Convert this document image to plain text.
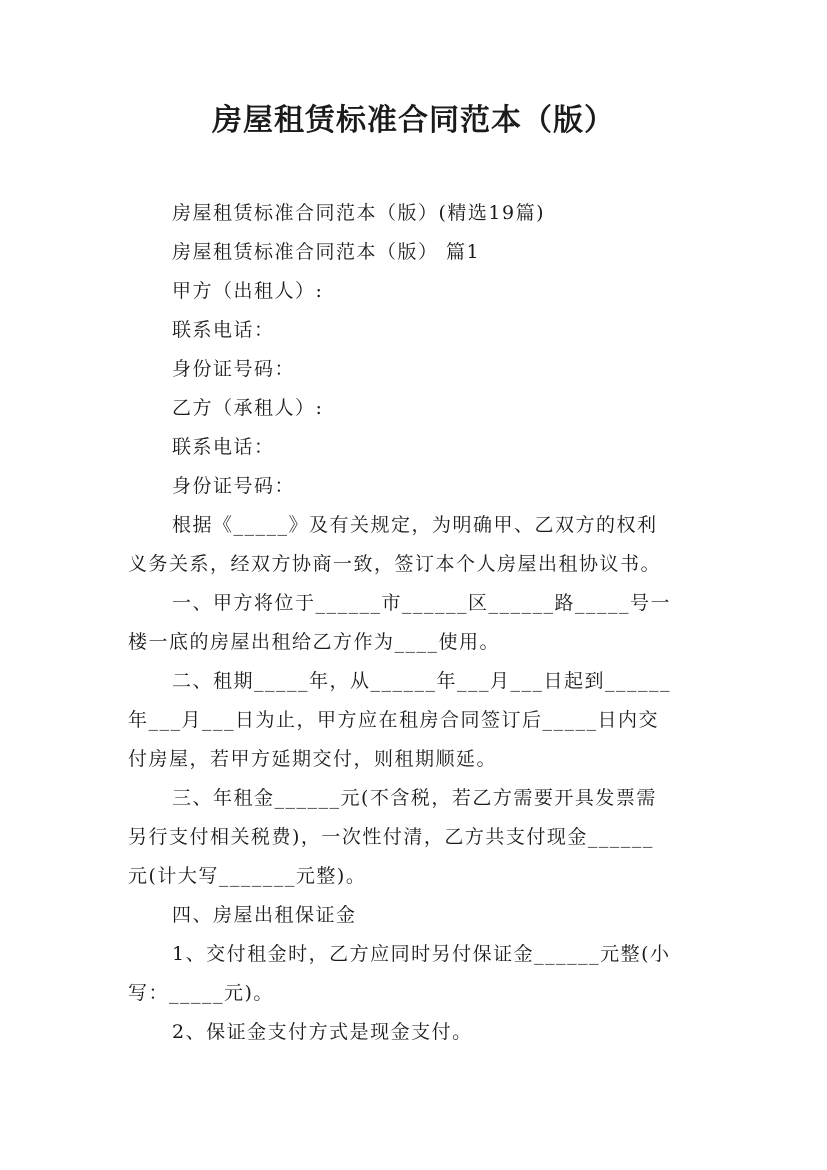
房屋租赁标准合同范本（版）
房屋租赁标准合同范本（版）(精选19篇)
房屋租赁标准合同范本（版） 篇1
甲方（出租人）:
联系电话：
身份证号码：
乙方（承租人）:
联系电话：
身份证号码：
根据《_____》及有关规定，为明确甲、乙双方的权利
义务关系，经双方协商一致，签订本个人房屋出租协议书。
一、甲方将位于______市______区______路_____号一
楼一底的房屋出租给乙方作为____使用。
二、租期_____年，从______年___月___日起到______
年___月___日为止，甲方应在租房合同签订后_____日内交
付房屋，若甲方延期交付，则租期顺延。
三、年租金______元(不含税，若乙方需要开具发票需
另行支付相关税费)，一次性付清，乙方共支付现金______
元(计大写_______元整)。
四、房屋出租保证金
1、交付租金时，乙方应同时另付保证金______元整(小
写：_____元)。
2、保证金支付方式是现金支付。
